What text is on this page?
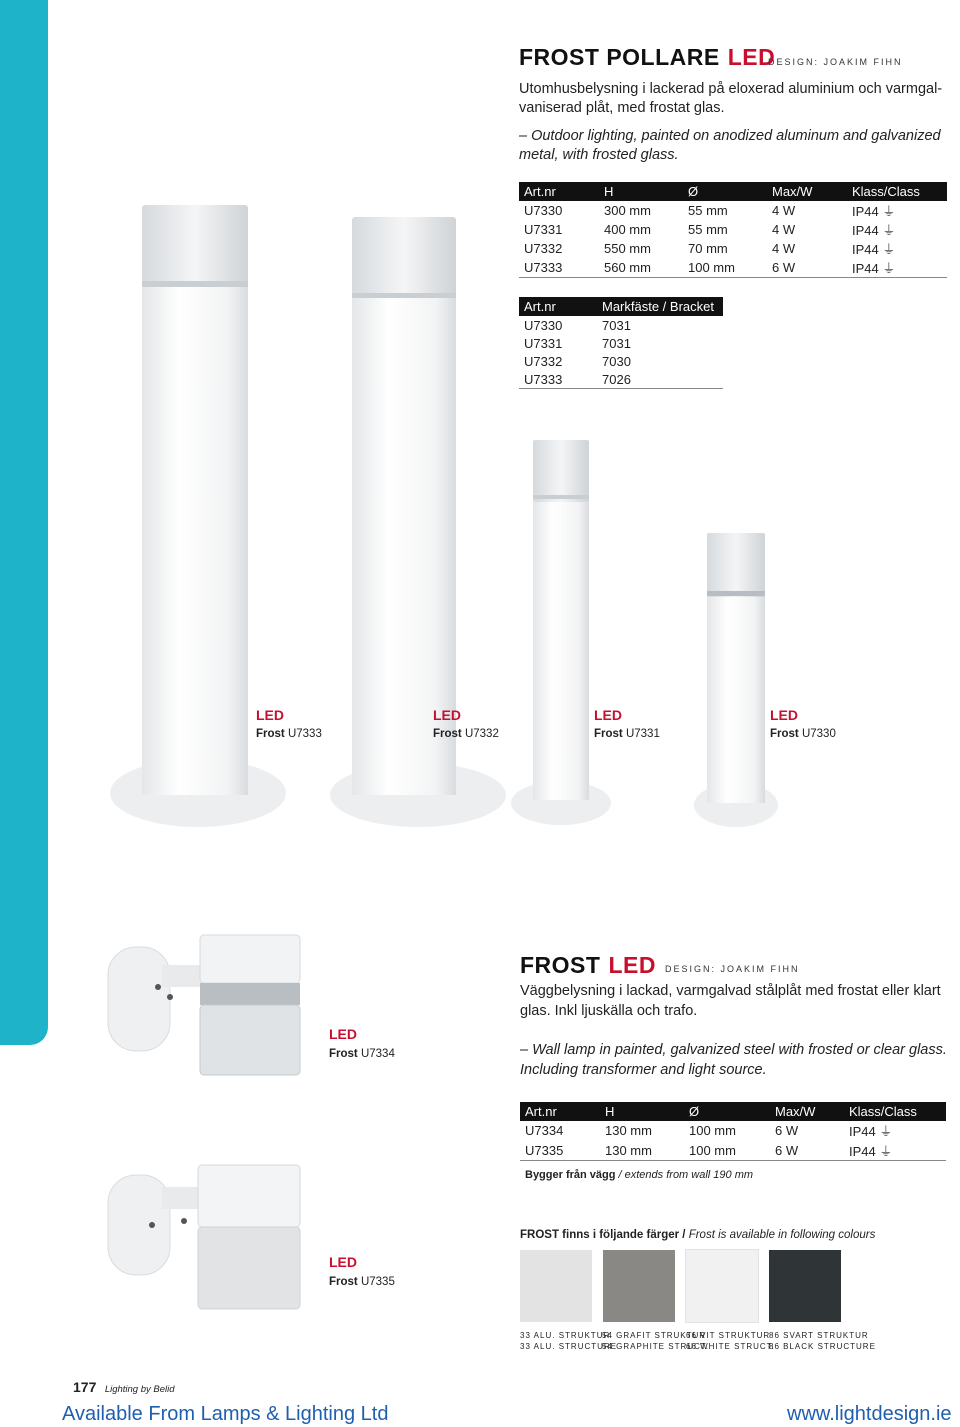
FROST POLLARE LED
DESIGN: JOAKIM FIHN
Utomhusbelysning i lackerad på eloxerad aluminium och varmgal-
vaniserad plåt, med frostat glas.
– Outdoor lighting, painted on anodized aluminum and galvanized
metal, with frosted glass.
Art.nr	H	Ø	Max/W	Klass/Class
U7330	300 mm	55 mm	4 W	IP44 ⏚
U7331	400 mm	55 mm	4 W	IP44 ⏚
U7332	550 mm	70 mm	4 W	IP44 ⏚
U7333	560 mm	100 mm	6 W	IP44 ⏚
Art.nr	Markfäste / Bracket
U7330	7031
U7331	7031
U7332	7030
U7333	7026
LED
Frost U7333
LED
Frost U7332
LED
Frost U7331
LED
Frost U7330
LED
Frost U7334
LED
Frost U7335
FROST LED DESIGN: JOAKIM FIHN
Väggbelysning i lackad, varmgalvad stålplåt med frostat eller klart
glas. Inkl ljuskälla och trafo.
– Wall lamp in painted, galvanized steel with frosted or clear glass.
Including transformer and light source.
Art.nr	H	Ø	Max/W	Klass/Class
U7334	130 mm	100 mm	6 W	IP44 ⏚
U7335	130 mm	100 mm	6 W	IP44 ⏚
Bygger från vägg / extends from wall 190 mm
FROST finns i följande färger / Frost is available in following colours
33 ALU. STRUKTUR
33 ALU. STRUCTURE
54 GRAFIT STRUKTUR
54 GRAPHITE STRUCT.
66 VIT STRUKTUR
66 WHITE STRUCT.
86 SVART STRUKTUR
86 BLACK STRUCTURE
177 Lighting by Belid
Available From Lamps & Lighting Ltd	www.lightdesign.ie
